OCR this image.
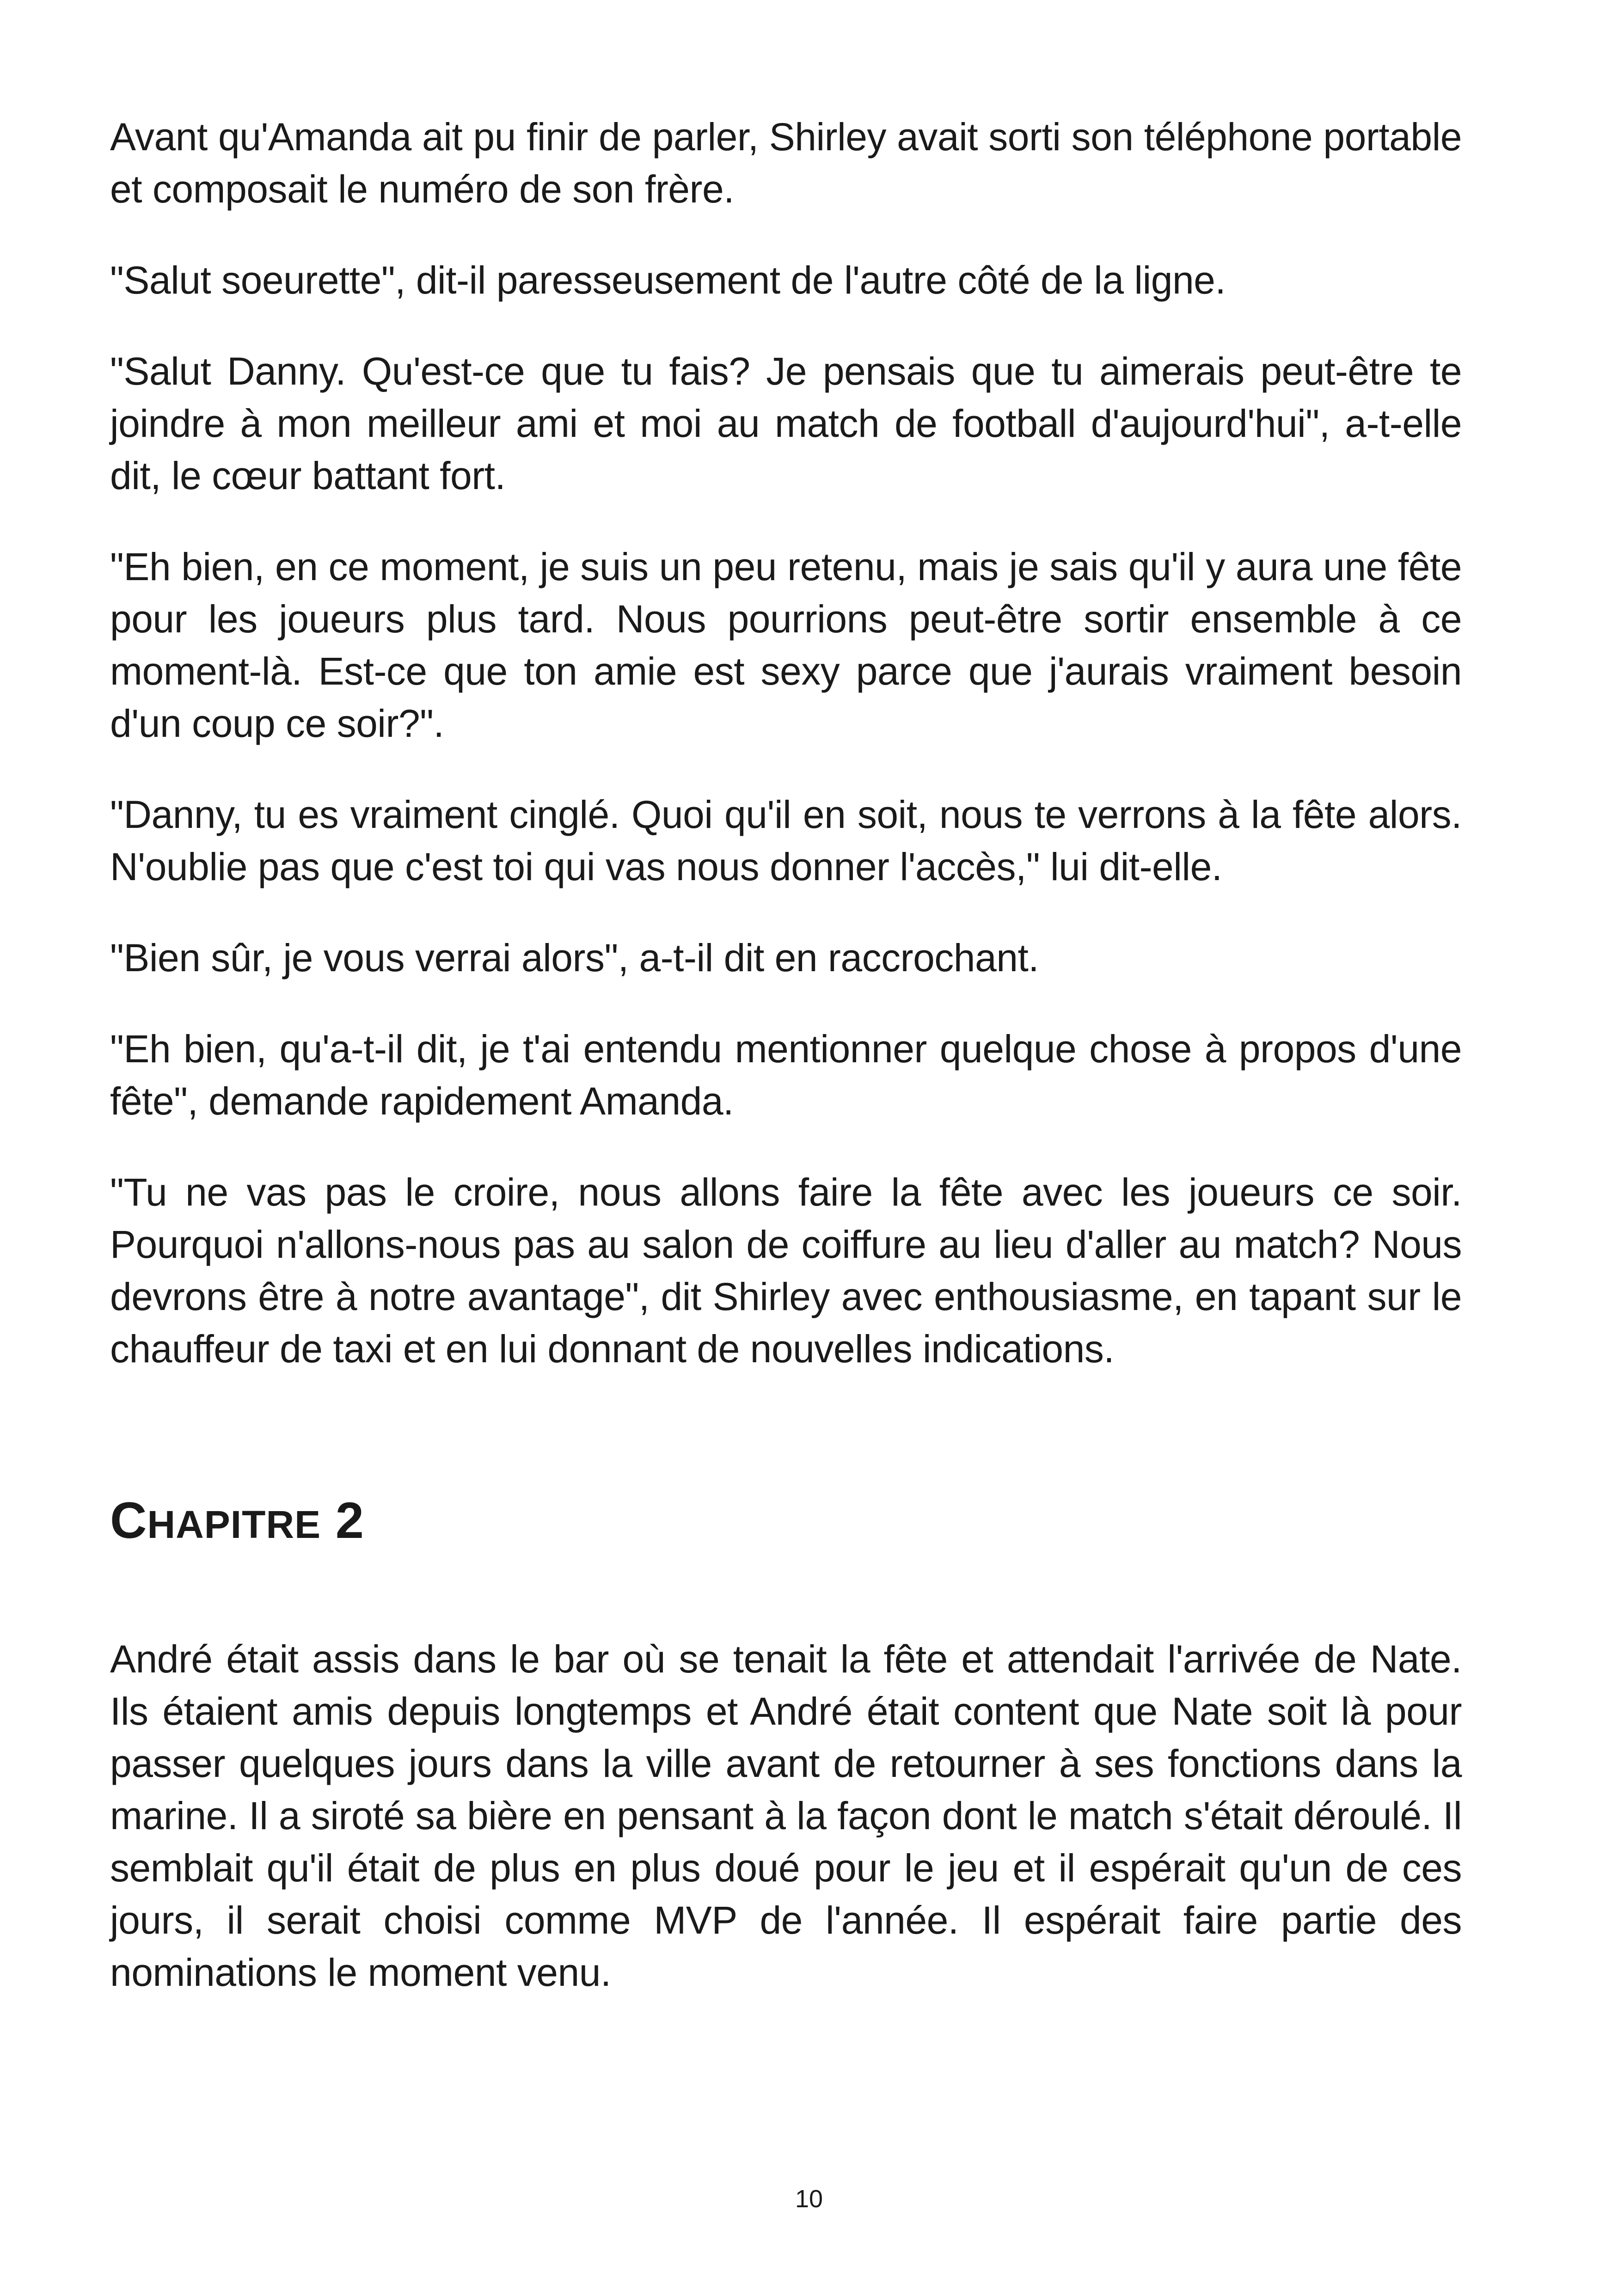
Avant qu'Amanda ait pu finir de parler, Shirley avait sorti son téléphone portable et composait le numéro de son frère.

"Salut soeurette", dit-il paresseusement de l'autre côté de la ligne.

"Salut Danny. Qu'est-ce que tu fais? Je pensais que tu aimerais peut-être te joindre à mon meilleur ami et moi au match de football d'aujourd'hui", a-t-elle dit, le cœur battant fort.

"Eh bien, en ce moment, je suis un peu retenu, mais je sais qu'il y aura une fête pour les joueurs plus tard. Nous pourrions peut-être sortir ensemble à ce moment-là. Est-ce que ton amie est sexy parce que j'aurais vraiment besoin d'un coup ce soir?".

"Danny, tu es vraiment cinglé. Quoi qu'il en soit, nous te verrons à la fête alors. N'oublie pas que c'est toi qui vas nous donner l'accès," lui dit-elle.

"Bien sûr, je vous verrai alors", a-t-il dit en raccrochant.

"Eh bien, qu'a-t-il dit, je t'ai entendu mentionner quelque chose à propos d'une fête", demande rapidement Amanda.

"Tu ne vas pas le croire, nous allons faire la fête avec les joueurs ce soir. Pourquoi n'allons-nous pas au salon de coiffure au lieu d'aller au match? Nous devrons être à notre avantage", dit Shirley avec enthousiasme, en tapant sur le chauffeur de taxi et en lui donnant de nouvelles indications.

CHAPITRE 2

André était assis dans le bar où se tenait la fête et attendait l'arrivée de Nate. Ils étaient amis depuis longtemps et André était content que Nate soit là pour passer quelques jours dans la ville avant de retourner à ses fonctions dans la marine. Il a siroté sa bière en pensant à la façon dont le match s'était déroulé. Il semblait qu'il était de plus en plus doué pour le jeu et il espérait qu'un de ces jours, il serait choisi comme MVP de l'année. Il espérait faire partie des nominations le moment venu.

10
